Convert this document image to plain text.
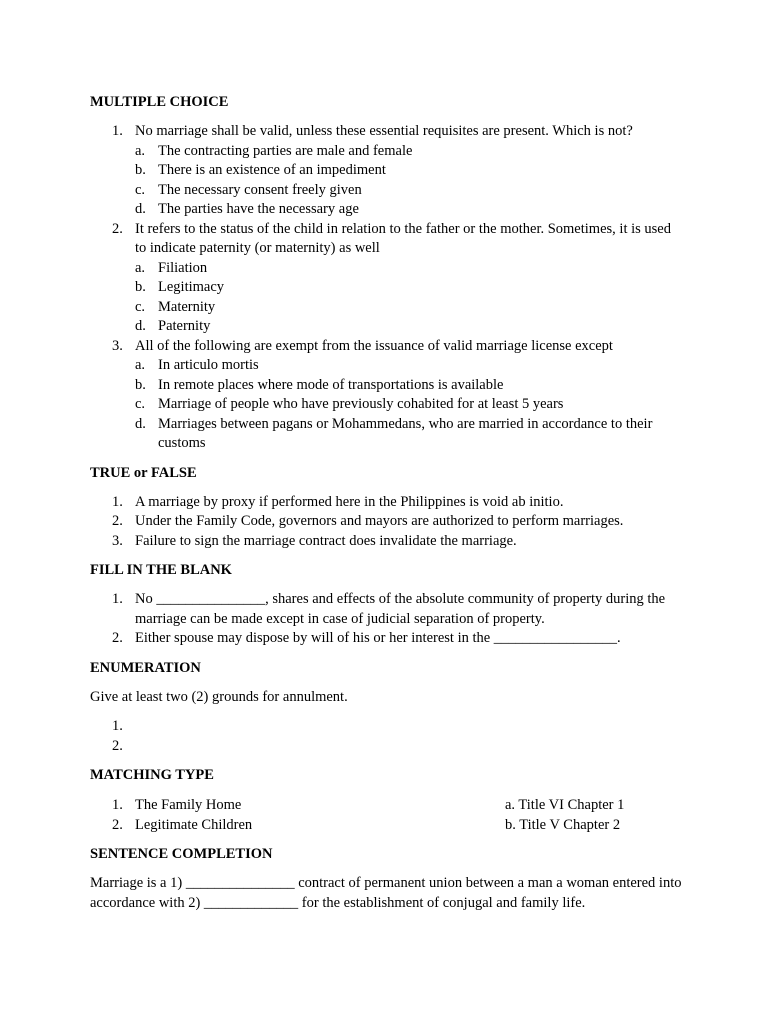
MULTIPLE CHOICE
1. No marriage shall be valid, unless these essential requisites are present. Which is not?
a. The contracting parties are male and female
b. There is an existence of an impediment
c. The necessary consent freely given
d. The parties have the necessary age
2. It refers to the status of the child in relation to the father or the mother. Sometimes, it is used to indicate paternity (or maternity) as well
a. Filiation
b. Legitimacy
c. Maternity
d. Paternity
3. All of the following are exempt from the issuance of valid marriage license except
a. In articulo mortis
b. In remote places where mode of transportations is available
c. Marriage of people who have previously cohabited for at least 5 years
d. Marriages between pagans or Mohammedans, who are married in accordance to their customs
TRUE or FALSE
1. A marriage by proxy if performed here in the Philippines is void ab initio.
2. Under the Family Code, governors and mayors are authorized to perform marriages.
3. Failure to sign the marriage contract does invalidate the marriage.
FILL IN THE BLANK
1. No _______________, shares and effects of the absolute community of property during the marriage can be made except in case of judicial separation of property.
2. Either spouse may dispose by will of his or her interest in the _________________.
ENUMERATION

Give at least two (2) grounds for annulment.

1.

2.

MATCHING TYPE
1. The Family Home	a. Title VI Chapter 1
2. Legitimate Children	b. Title V Chapter 2
SENTENCE COMPLETION

Marriage is a 1) _______________ contract of permanent union between a man a woman entered into accordance with 2) _____________ for the establishment of conjugal and family life.
